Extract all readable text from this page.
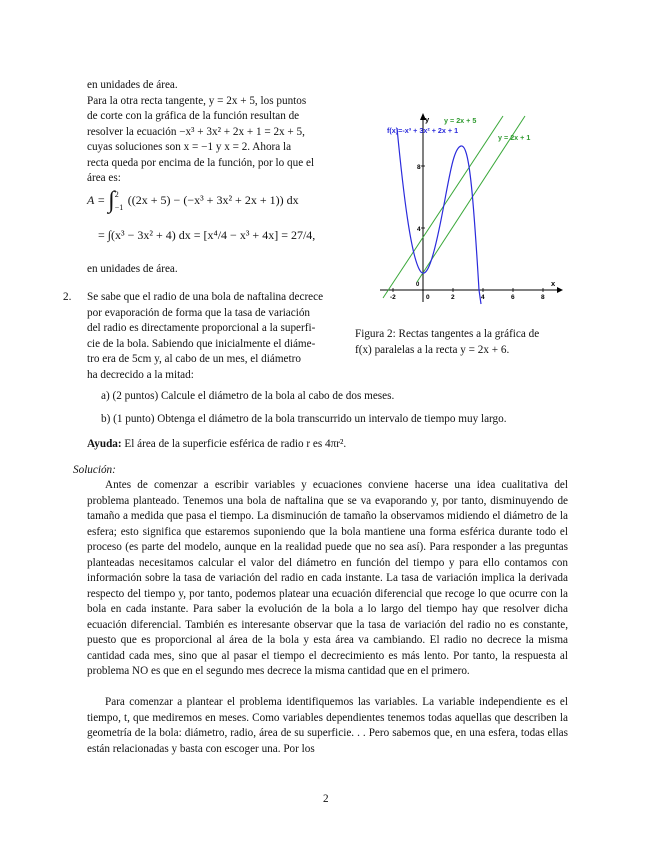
en unidades de área.

Para la otra recta tangente, y = 2x + 5, los puntos
de corte con la gráfica de la función resultan de
resolver la ecuación −x³ + 3x² + 2x + 1 = 2x + 5,
cuyas soluciones son x = −1 y x = 2. Ahora la
recta queda por encima de la función, por lo que el
área es:

A = ∫ 2
−1
((2x + 5) − (−x³ + 3x² + 2x + 1)) dx
= ∫(x³ − 3x² + 4) dx = [x⁴/4 − x³ + 4x] = 27/4,
en unidades de área.
-2	0	2	4	6	8
4
8
y
x
0
f(x)=-x³ + 3x² + 2x + 1
y = 2x + 5
y = 2x + 1
Figura 2: Rectas tangentes a la gráfica de
f(x) paralelas a la recta y = 2x + 6.
2. Se sabe que el radio de una bola de naftalina decrece
por evaporación de forma que la tasa de variación
del radio es directamente proporcional a la superfi-
cie de la bola. Sabiendo que inicialmente el diáme-
tro era de 5cm y, al cabo de un mes, el diámetro
ha decrecido a la mitad:
a) (2 puntos) Calcule el diámetro de la bola al cabo de dos meses.
b) (1 punto) Obtenga el diámetro de la bola transcurrido un intervalo de tiempo muy largo.
Ayuda: El área de la superficie esférica de radio r es 4πr².
Solución:
Antes de comenzar a escribir variables y ecuaciones conviene hacerse una idea cualitativa del problema planteado. Tenemos una bola de naftalina que se va evaporando y, por tanto, disminuyendo de tamaño a medida que pasa el tiempo. La disminución de tamaño la observamos midiendo el diámetro de la esfera; esto significa que estaremos suponiendo que la bola mantiene una forma esférica durante todo el proceso (es parte del modelo, aunque en la realidad puede que no sea así). Para responder a las preguntas planteadas necesitamos calcular el valor del diámetro en función del tiempo y para ello contamos con información sobre la tasa de variación del radio en cada instante. La tasa de variación implica la derivada respecto del tiempo y, por tanto, podemos platear una ecuación diferencial que recoge lo que ocurre con la bola en cada instante. Para saber la evolución de la bola a lo largo del tiempo hay que resolver dicha ecuación diferencial. También es interesante observar que la tasa de variación del radio no es constante, puesto que es proporcional al área de la bola y esta área va cambiando. El radio no decrece la misma cantidad cada mes, sino que al pasar el tiempo el decrecimiento es más lento. Por tanto, la respuesta al problema NO es que en el segundo mes decrece la misma cantidad que en el primero.
Para comenzar a plantear el problema identifiquemos las variables. La variable independiente es el tiempo, t, que mediremos en meses. Como variables dependientes tenemos todas aquellas que describen la geometría de la bola: diámetro, radio, área de su superficie. . . Pero sabemos que, en una esfera, todas ellas están relacionadas y basta con escoger una. Por los
2
